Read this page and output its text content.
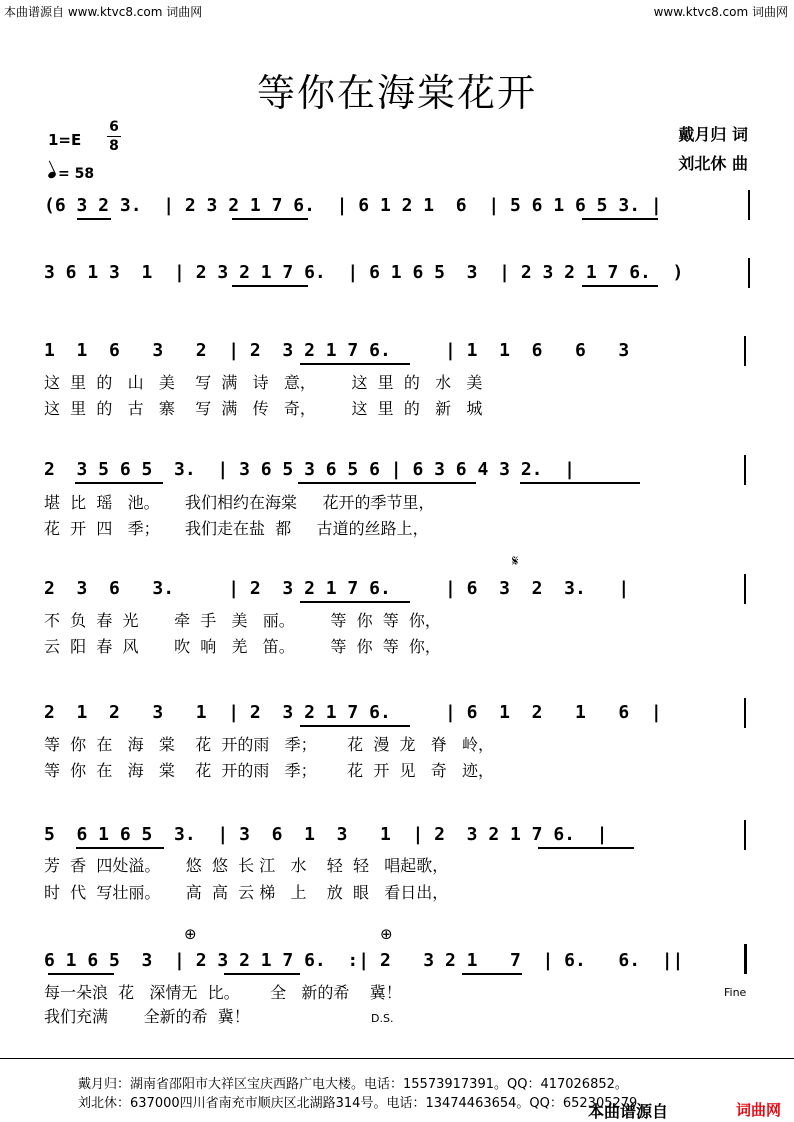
本曲谱源自 www.ktvc8.com 词曲网	www.ktvc8.com 词曲网
等你在海棠花开
1=E
6
8
= 58
戴月归 词
刘北休 曲
(6 3 2 3.  | 2 3 2 1 7 6.  | 6 1 2 1  6  | 5 6 1 6 5 3. |
3 6 1 3  1  | 2 3 2 1 7 6.  | 6 1 6 5  3  | 2 3 2 1 7 6.  )
1  1  6   3   2  | 2  3 2 1 7 6.     | 1  1  6   6   3
这  里  的   山   美    写  满   诗   意，       这  里  的   水   美
这  里  的   古   寨    写  满   传   奇，       这  里  的   新   城
2  3 5 6 5  3.  | 3 6 5 3 6 5 6 | 6 3 6 4 3 2.  |
堪  比  瑶   池。     我们相约在海棠     花开的季节里，
花  开  四   季；     我们走在盐  都     古道的丝路上，
𝄋
2  3  6   3.     | 2  3 2 1 7 6.     | 6  3  2  3.   |
不  负  春  光       牵  手   美   丽。       等  你  等  你，
云  阳  春  风       吹  响   羌   笛。       等  你  等  你，
2  1  2   3   1  | 2  3 2 1 7 6.     | 6  1  2   1   6  |
等  你  在   海   棠    花  开的雨   季；      花  漫  龙   脊   岭，
等  你  在   海   棠    花  开的雨   季；      花  开  见   奇   迹，
5  6 1 6 5  3.  | 3  6  1  3   1  | 2  3 2 1 7 6.  |
芳  香  四处溢。     悠  悠  长 江   水    轻  轻   唱起歌，
时  代  写壮丽。     高  高  云 梯   上    放  眼   看日出，
⊕	⊕
6 1 6 5  3  | 2 3 2 1 7 6.  :| 2   3 2 1   7  | 6.   6.  ||
每一朵浪  花   深情无  比。      全   新的希    冀！
我们充满       全新的希  冀！
Fine
D.S.
戴月归：湖南省邵阳市大祥区宝庆西路广电大楼。电话：15573917391。QQ：417026852。
刘北休：637000四川省南充市顺庆区北湖路314号。电话：13474463654。QQ：652305279
本曲谱源自	词曲网
